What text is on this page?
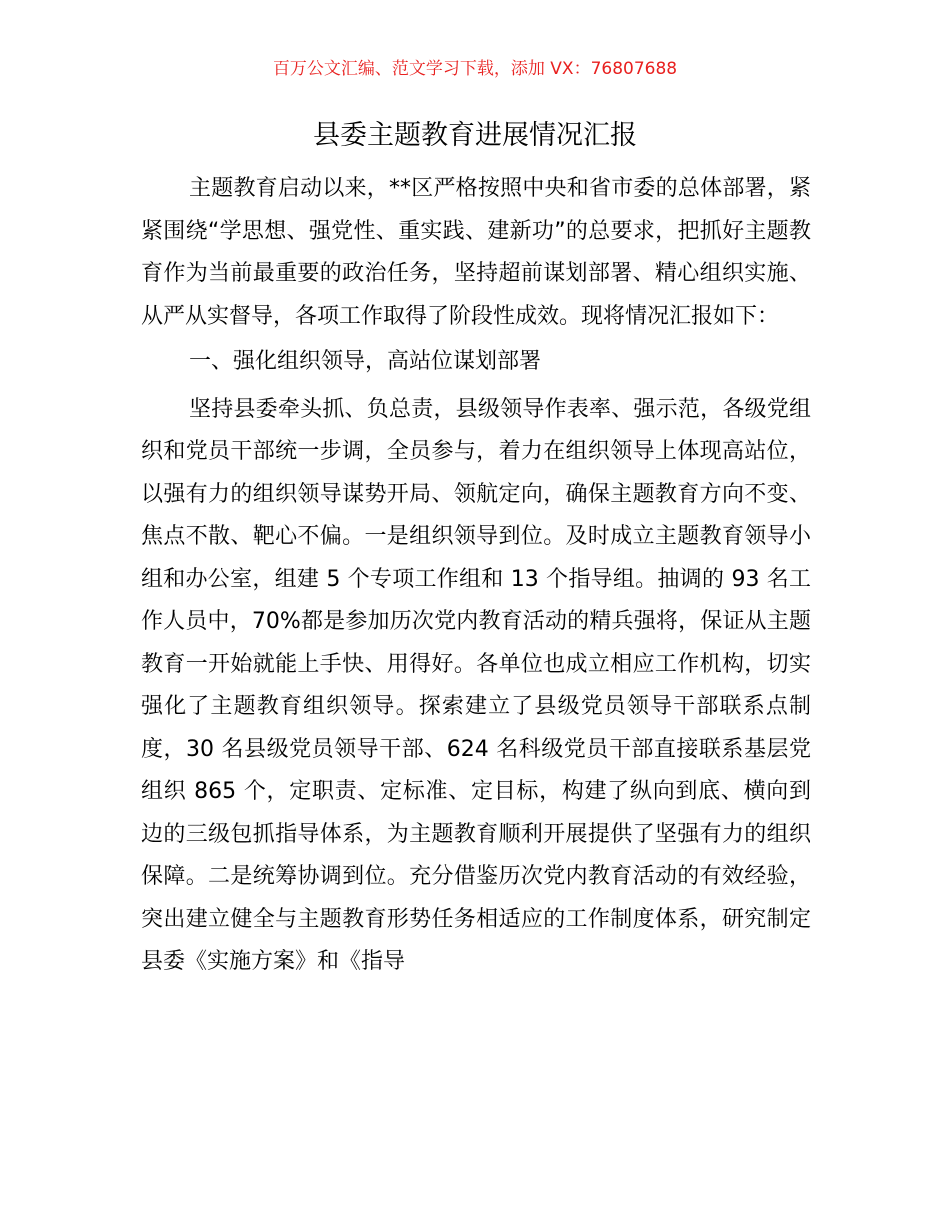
百万公文汇编、范文学习下载，添加 VX：76807688
县委主题教育进展情况汇报

主题教育启动以来，**区严格按照中央和省市委的总体部署，紧紧围绕“学思想、强党性、重实践、建新功”的总要求，把抓好主题教育作为当前最重要的政治任务，坚持超前谋划部署、精心组织实施、从严从实督导，各项工作取得了阶段性成效。现将情况汇报如下：

一、强化组织领导，高站位谋划部署

坚持县委牵头抓、负总责，县级领导作表率、强示范，各级党组织和党员干部统一步调，全员参与，着力在组织领导上体现高站位，以强有力的组织领导谋势开局、领航定向，确保主题教育方向不变、焦点不散、靶心不偏。一是组织领导到位。及时成立主题教育领导小组和办公室，组建 5 个专项工作组和 13 个指导组。抽调的 93 名工作人员中，70%都是参加历次党内教育活动的精兵强将，保证从主题教育一开始就能上手快、用得好。各单位也成立相应工作机构，切实强化了主题教育组织领导。探索建立了县级党员领导干部联系点制度，30 名县级党员领导干部、624 名科级党员干部直接联系基层党组织 865 个，定职责、定标准、定目标，构建了纵向到底、横向到边的三级包抓指导体系，为主题教育顺利开展提供了坚强有力的组织保障。二是统筹协调到位。充分借鉴历次党内教育活动的有效经验，突出建立健全与主题教育形势任务相适应的工作制度体系，研究制定县委《实施方案》和《指导
